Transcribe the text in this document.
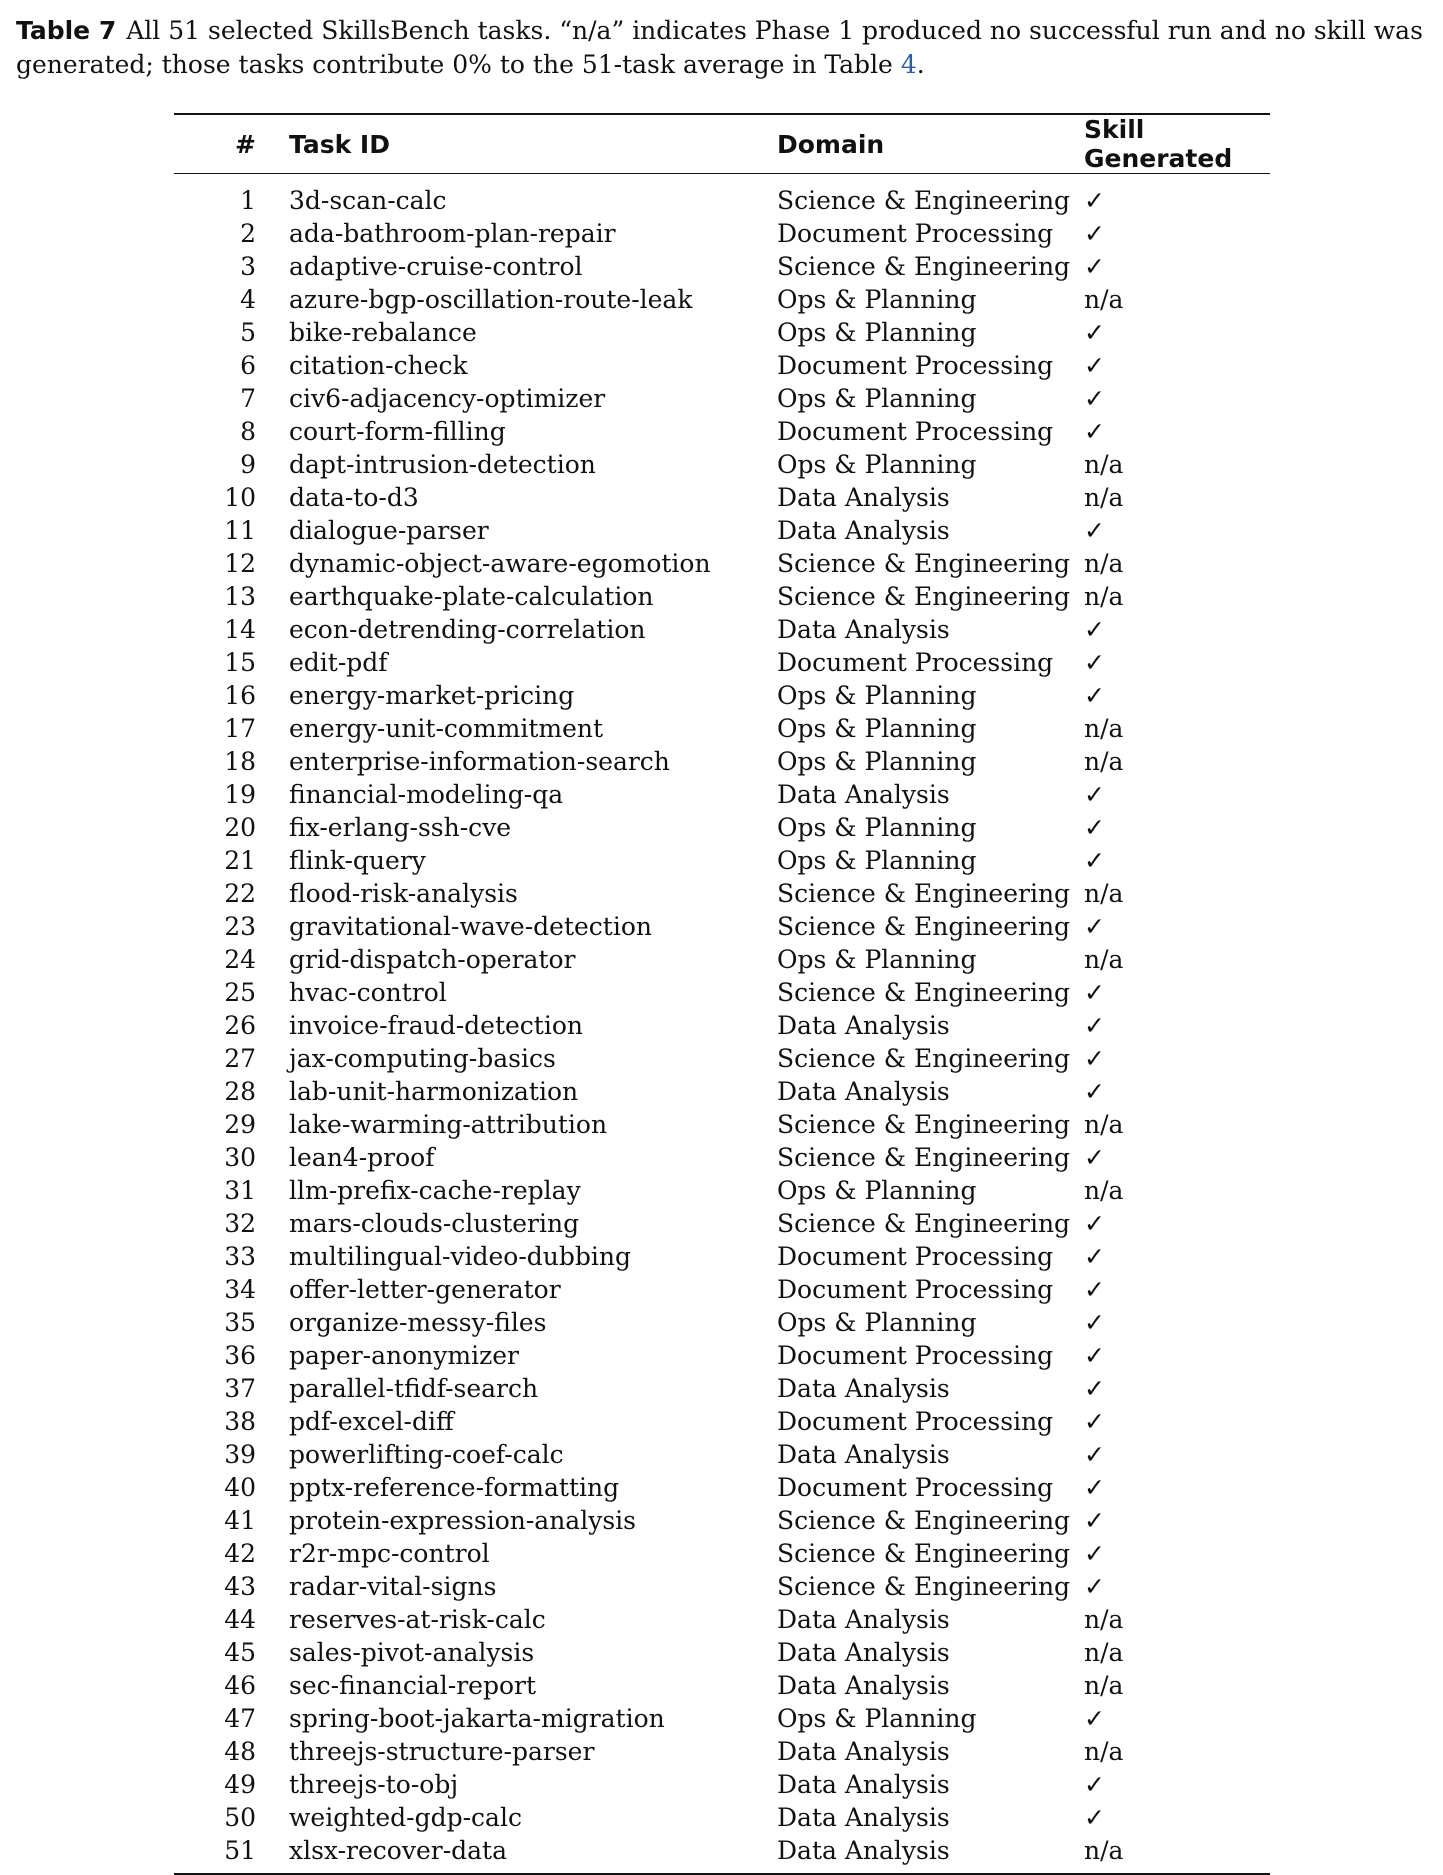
Table 7 All 51 selected SkillsBench tasks. “n/a” indicates Phase 1 produced no successful run and no skill was generated; those tasks contribute 0% to the 51-task average in Table 4.

#	Task ID	Domain	Skill Generated
1	3d-scan-calc	Science & Engineering	✓
2	ada-bathroom-plan-repair	Document Processing	✓
3	adaptive-cruise-control	Science & Engineering	✓
4	azure-bgp-oscillation-route-leak	Ops & Planning	n/a
5	bike-rebalance	Ops & Planning	✓
6	citation-check	Document Processing	✓
7	civ6-adjacency-optimizer	Ops & Planning	✓
8	court-form-filling	Document Processing	✓
9	dapt-intrusion-detection	Ops & Planning	n/a
10	data-to-d3	Data Analysis	n/a
11	dialogue-parser	Data Analysis	✓
12	dynamic-object-aware-egomotion	Science & Engineering	n/a
13	earthquake-plate-calculation	Science & Engineering	n/a
14	econ-detrending-correlation	Data Analysis	✓
15	edit-pdf	Document Processing	✓
16	energy-market-pricing	Ops & Planning	✓
17	energy-unit-commitment	Ops & Planning	n/a
18	enterprise-information-search	Ops & Planning	n/a
19	financial-modeling-qa	Data Analysis	✓
20	fix-erlang-ssh-cve	Ops & Planning	✓
21	flink-query	Ops & Planning	✓
22	flood-risk-analysis	Science & Engineering	n/a
23	gravitational-wave-detection	Science & Engineering	✓
24	grid-dispatch-operator	Ops & Planning	n/a
25	hvac-control	Science & Engineering	✓
26	invoice-fraud-detection	Data Analysis	✓
27	jax-computing-basics	Science & Engineering	✓
28	lab-unit-harmonization	Data Analysis	✓
29	lake-warming-attribution	Science & Engineering	n/a
30	lean4-proof	Science & Engineering	✓
31	llm-prefix-cache-replay	Ops & Planning	n/a
32	mars-clouds-clustering	Science & Engineering	✓
33	multilingual-video-dubbing	Document Processing	✓
34	offer-letter-generator	Document Processing	✓
35	organize-messy-files	Ops & Planning	✓
36	paper-anonymizer	Document Processing	✓
37	parallel-tfidf-search	Data Analysis	✓
38	pdf-excel-diff	Document Processing	✓
39	powerlifting-coef-calc	Data Analysis	✓
40	pptx-reference-formatting	Document Processing	✓
41	protein-expression-analysis	Science & Engineering	✓
42	r2r-mpc-control	Science & Engineering	✓
43	radar-vital-signs	Science & Engineering	✓
44	reserves-at-risk-calc	Data Analysis	n/a
45	sales-pivot-analysis	Data Analysis	n/a
46	sec-financial-report	Data Analysis	n/a
47	spring-boot-jakarta-migration	Ops & Planning	✓
48	threejs-structure-parser	Data Analysis	n/a
49	threejs-to-obj	Data Analysis	✓
50	weighted-gdp-calc	Data Analysis	✓
51	xlsx-recover-data	Data Analysis	n/a
